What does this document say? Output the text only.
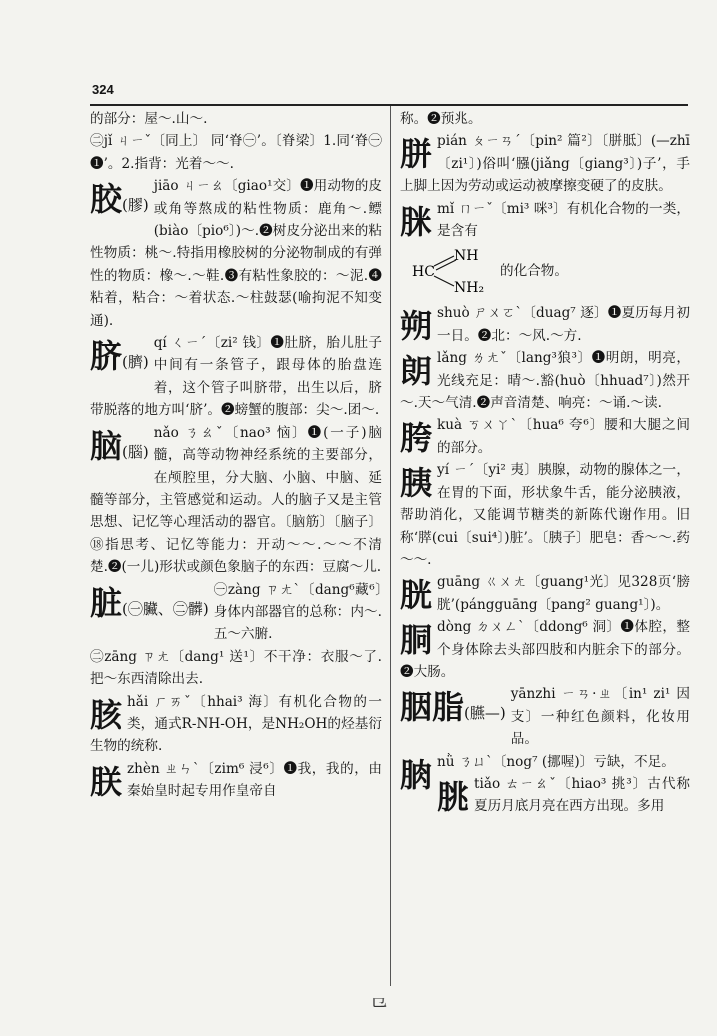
324

的部分：屋～.山～.

㊁jǐ ㄐㄧˇ〔同上〕 同‘脊㊀’。〔脊梁〕1.同‘脊㊀❶’。2.指背：光着～～.

胶(膠)
jiāo ㄐㄧㄠ〔giao¹交〕❶用动物的皮或角等熬成的粘性物质：鹿角～.鳔(biào〔pio⁶〕)～.❷树皮分泌出来的粘性物质：桃～.特指用橡胶树的分泌物制成的有弹性的物质：橡～.～鞋.❸有粘性象胶的：～泥.❹粘着，粘合：～着状态.～柱鼓瑟(喻拘泥不知变通).
脐(臍)
qí ㄑㄧˊ〔zi² 钱〕❶肚脐，胎儿肚子中间有一条管子，跟母体的胎盘连着，这个管子叫脐带，出生以后，脐带脱落的地方叫‘脐’。❷螃蟹的腹部：尖～.团～.
脑(腦)
nǎo ㄋㄠˇ〔nao³ 恼〕❶(一子)脑髓，高等动物神经系统的主要部分，在颅腔里，分大脑、小脑、中脑、延髓等部分，主管感觉和运动。人的脑子又是主管思想、记忆等心理活动的器官。〔脑筋〕〔脑子〕⑱指思考、记忆等能力：开动～～.～～不清楚.❷(一儿)形状或颜色象脑子的东西：豆腐～儿.
脏(㊀臟、㊁髒)
㊀zàng ㄗㄤˋ〔dang⁶藏⁶〕身体内部器官的总称：内～.五～六腑.

㊁zāng ㄗㄤ〔dang¹ 送¹〕不干净：衣服～了.把～东西清除出去.

胲 hǎi ㄏㄞˇ〔hhai³ 海〕有机化合物的一类，通式R-NH-OH，是NH₂OH的烃基衍生物的统称.
朕 zhèn ㄓㄣˋ〔zim⁶ 浸⁶〕❶我，我的，由秦始皇时起专用作皇帝自

称。❷预兆。

胼 pián ㄆㄧㄢˊ〔pin² 篇²〕〔胼胝〕(—zhī〔zi¹〕)俗叫‘膙(jiǎng〔giang³〕)子’，手上脚上因为劳动或运动被摩擦变硬了的皮肤。
脒 mǐ ㄇㄧˇ〔mi³ 咪³〕有机化合物的一类，是含有
HC
NH
NH₂
的化合物。
朔 shuò ㄕㄨㄛˋ〔duag⁷ 逐〕❶夏历每月初一日。❷北：～风.～方.
朗 lǎng ㄌㄤˇ〔lang³狼³〕❶明朗，明亮，光线充足：晴～.豁(huò〔hhuad⁷〕)然开～.天～气清.❷声音清楚、响亮：～诵.～读.
胯 kuà ㄎㄨㄚˋ〔hua⁶ 夸⁶〕腰和大腿之间的部分。
胰 yí ㄧˊ〔yi² 夷〕胰腺，动物的腺体之一，在胃的下面，形状象牛舌，能分泌胰液，帮助消化，又能调节糖类的新陈代谢作用。旧称‘膵(cui〔sui⁴〕)脏’。〔胰子〕肥皂：香～～.药～～.
胱 guāng ㄍㄨㄤ〔guang¹光〕见328页‘膀胱’(pángguāng〔pang² guang¹〕)。
胴 dòng ㄉㄨㄥˋ〔ddong⁶ 洞〕❶体腔，整个身体除去头部四肢和内脏余下的部分。❷大肠。
胭脂(臙—)
yānzhi ㄧㄢ·ㄓ〔in¹ zi¹ 因支〕一种红色颜料，化妆用品。
朒 nǜ ㄋㄩˋ〔nog⁷ (挪喔)〕亏缺，不足。
朓 tiǎo ㄊㄧㄠˇ〔hiao³ 挑³〕古代称夏历月底月亮在西方出现。多用
⺋
